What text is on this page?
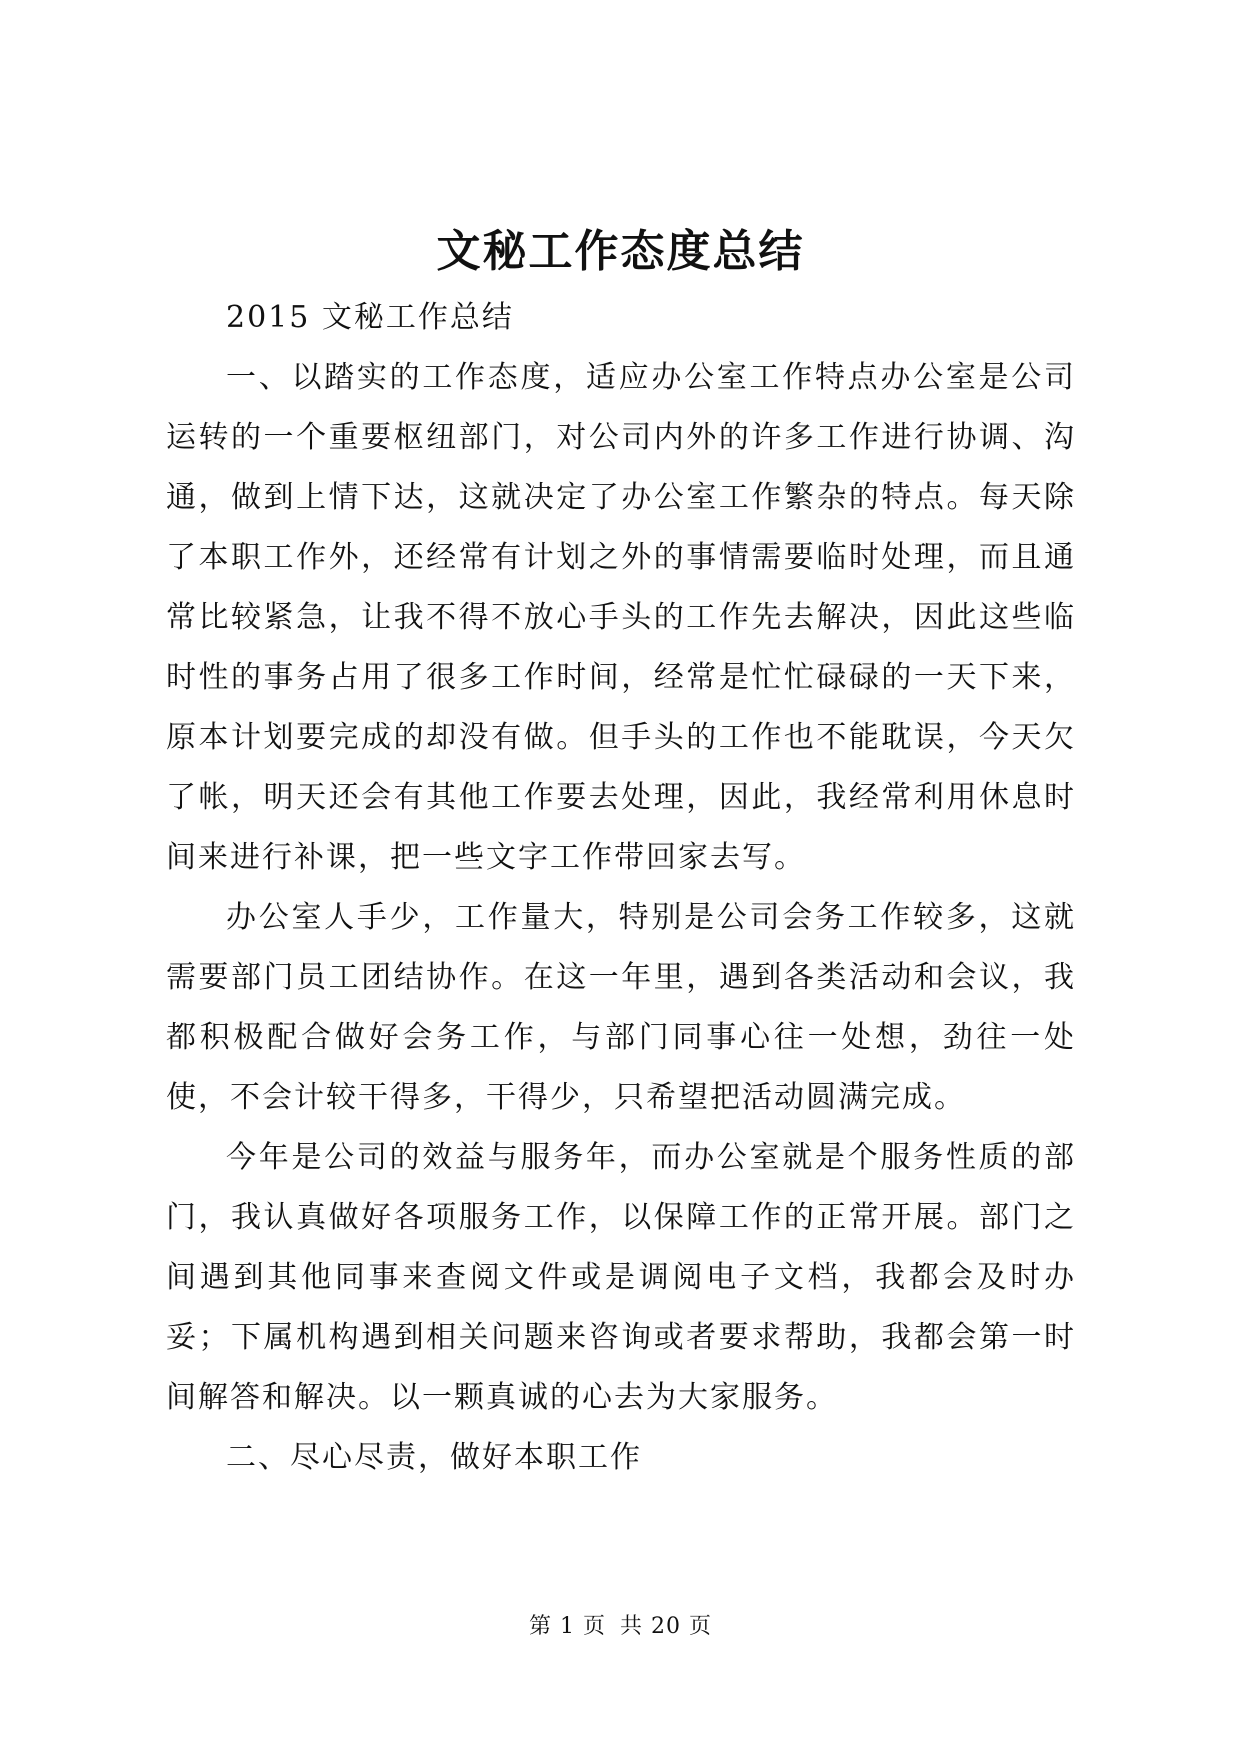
文秘工作态度总结

2015 文秘工作总结

一、以踏实的工作态度，适应办公室工作特点办公室是公司运转的一个重要枢纽部门，对公司内外的许多工作进行协调、沟通，做到上情下达，这就决定了办公室工作繁杂的特点。每天除了本职工作外，还经常有计划之外的事情需要临时处理，而且通常比较紧急，让我不得不放心手头的工作先去解决，因此这些临时性的事务占用了很多工作时间，经常是忙忙碌碌的一天下来，原本计划要完成的却没有做。但手头的工作也不能耽误，今天欠了帐，明天还会有其他工作要去处理，因此，我经常利用休息时间来进行补课，把一些文字工作带回家去写。

办公室人手少，工作量大，特别是公司会务工作较多，这就需要部门员工团结协作。在这一年里，遇到各类活动和会议，我都积极配合做好会务工作，与部门同事心往一处想，劲往一处使，不会计较干得多，干得少，只希望把活动圆满完成。

今年是公司的效益与服务年，而办公室就是个服务性质的部门，我认真做好各项服务工作，以保障工作的正常开展。部门之间遇到其他同事来查阅文件或是调阅电子文档，我都会及时办妥；下属机构遇到相关问题来咨询或者要求帮助，我都会第一时间解答和解决。以一颗真诚的心去为大家服务。

二、尽心尽责，做好本职工作

第 1 页 共 20 页
